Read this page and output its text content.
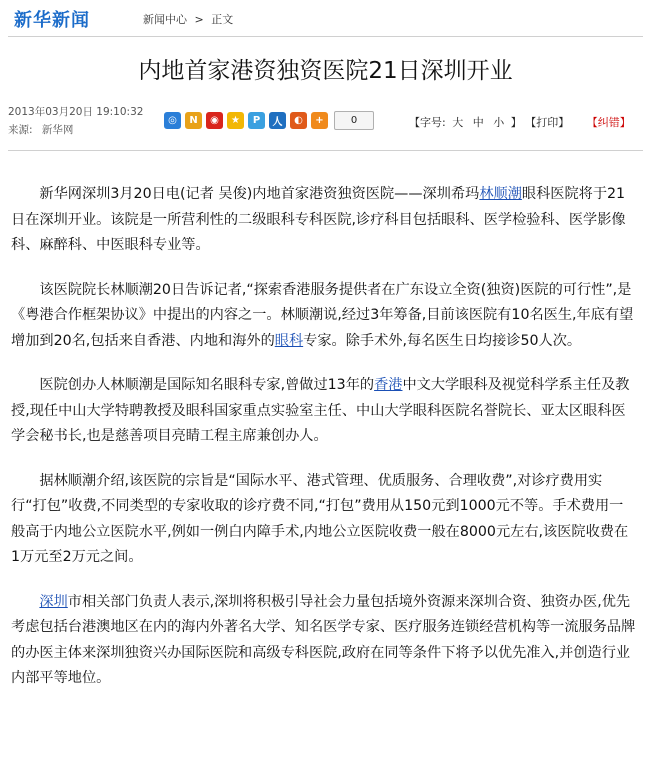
新华新闻	新闻中心 > 正文
内地首家港资独资医院21日深圳开业
2013年03月20日 19:10:32
来源: 新华网
◎	N	◉	★	P	人	◐	+	0	【字号: 大 中 小 】 【打印】 【纠错】

新华网深圳3月20日电(记者 吴俊)内地首家港资独资医院——深圳希玛林顺潮眼科医院将于21日在深圳开业。该院是一所营利性的二级眼科专科医院,诊疗科目包括眼科、医学检验科、医学影像科、麻醉科、中医眼科专业等。

该医院院长林顺潮20日告诉记者,“探索香港服务提供者在广东设立全资(独资)医院的可行性”,是《粤港合作框架协议》中提出的内容之一。林顺潮说,经过3年筹备,目前该医院有10名医生,年底有望增加到20名,包括来自香港、内地和海外的眼科专家。除手术外,每名医生日均接诊50人次。

医院创办人林顺潮是国际知名眼科专家,曾做过13年的香港中文大学眼科及视觉科学系主任及教授,现任中山大学特聘教授及眼科国家重点实验室主任、中山大学眼科医院名誉院长、亚太区眼科医学会秘书长,也是慈善项目亮睛工程主席兼创办人。

据林顺潮介绍,该医院的宗旨是“国际水平、港式管理、优质服务、合理收费”,对诊疗费用实行“打包”收费,不同类型的专家收取的诊疗费不同,“打包”费用从150元到1000元不等。手术费用一般高于内地公立医院水平,例如一例白内障手术,内地公立医院收费一般在8000元左右,该医院收费在1万元至2万元之间。

深圳市相关部门负责人表示,深圳将积极引导社会力量包括境外资源来深圳合资、独资办医,优先考虑包括台港澳地区在内的海内外著名大学、知名医学专家、医疗服务连锁经营机构等一流服务品牌的办医主体来深圳独资兴办国际医院和高级专科医院,政府在同等条件下将予以优先准入,并创造行业内部平等地位。
